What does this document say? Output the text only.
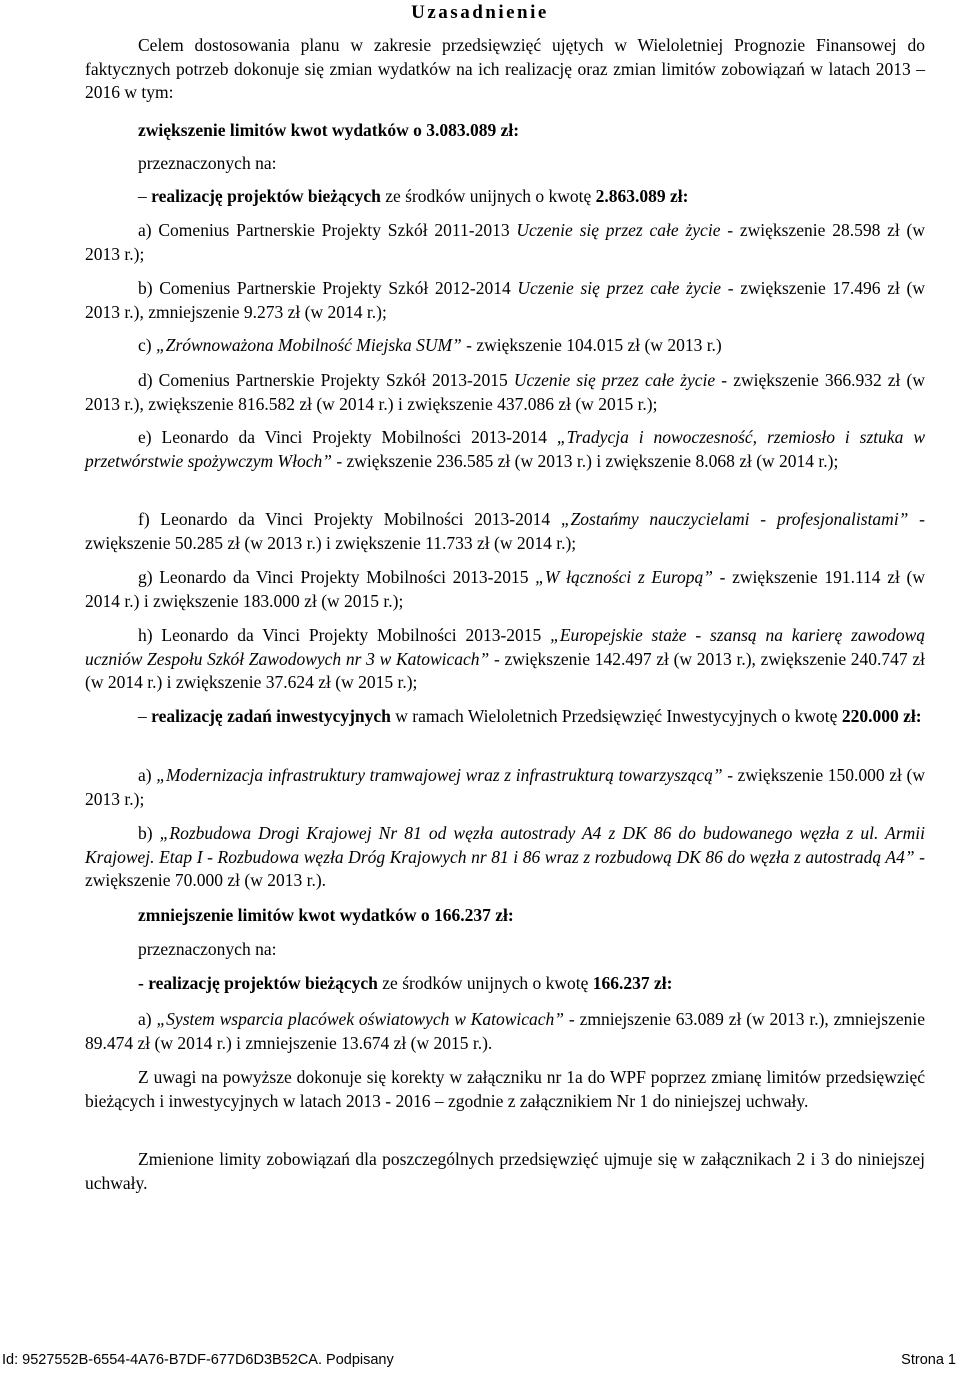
Uzasadnienie

Celem dostosowania planu w zakresie przedsięwzięć ujętych w Wieloletniej Prognozie Finansowej do faktycznych potrzeb dokonuje się zmian wydatków na ich realizację oraz zmian limitów zobowiązań w latach 2013 – 2016 w tym:

zwiększenie limitów kwot wydatków o 3.083.089 zł:

przeznaczonych na:

– realizację projektów bieżących ze środków unijnych o kwotę 2.863.089 zł:

a) Comenius Partnerskie Projekty Szkół 2011-2013 Uczenie się przez całe życie - zwiększenie 28.598 zł (w 2013 r.);

b) Comenius Partnerskie Projekty Szkół 2012-2014 Uczenie się przez całe życie - zwiększenie 17.496 zł (w 2013 r.), zmniejszenie 9.273 zł (w 2014 r.);

c) „Zrównoważona Mobilność Miejska SUM” - zwiększenie 104.015 zł (w 2013 r.)

d) Comenius Partnerskie Projekty Szkół 2013-2015 Uczenie się przez całe życie - zwiększenie 366.932 zł (w 2013 r.), zwiększenie 816.582 zł (w 2014 r.) i zwiększenie 437.086 zł (w 2015 r.);

e) Leonardo da Vinci Projekty Mobilności 2013-2014 „Tradycja i nowoczesność, rzemiosło i sztuka w przetwórstwie spożywczym Włoch” - zwiększenie 236.585 zł (w 2013 r.) i zwiększenie 8.068 zł (w 2014 r.);

f) Leonardo da Vinci Projekty Mobilności 2013-2014 „Zostańmy nauczycielami - profesjonalistami” - zwiększenie 50.285 zł (w 2013 r.) i zwiększenie 11.733 zł (w 2014 r.);

g) Leonardo da Vinci Projekty Mobilności 2013-2015 „W łączności z Europą” - zwiększenie 191.114 zł (w 2014 r.) i zwiększenie 183.000 zł (w 2015 r.);

h) Leonardo da Vinci Projekty Mobilności 2013-2015 „Europejskie staże - szansą na karierę zawodową uczniów Zespołu Szkół Zawodowych nr 3 w Katowicach” - zwiększenie 142.497 zł (w 2013 r.), zwiększenie 240.747 zł (w 2014 r.) i zwiększenie 37.624 zł (w 2015 r.);

– realizację zadań inwestycyjnych w ramach Wieloletnich Przedsięwzięć Inwestycyjnych o kwotę 220.000 zł:

a) „Modernizacja infrastruktury tramwajowej wraz z infrastrukturą towarzyszącą” - zwiększenie 150.000 zł (w 2013 r.);

b) „Rozbudowa Drogi Krajowej Nr 81 od węzła autostrady A4 z DK 86 do budowanego węzła z ul. Armii Krajowej. Etap I - Rozbudowa węzła Dróg Krajowych nr 81 i 86 wraz z rozbudową DK 86 do węzła z autostradą A4” - zwiększenie 70.000 zł (w 2013 r.).

zmniejszenie limitów kwot wydatków o 166.237 zł:

przeznaczonych na:

- realizację projektów bieżących ze środków unijnych o kwotę 166.237 zł:

a) „System wsparcia placówek oświatowych w Katowicach” - zmniejszenie 63.089 zł (w 2013 r.), zmniejszenie 89.474 zł (w 2014 r.) i zmniejszenie 13.674 zł (w 2015 r.).

Z uwagi na powyższe dokonuje się korekty w załączniku nr 1a do WPF poprzez zmianę limitów przedsięwzięć bieżących i inwestycyjnych w latach 2013 - 2016 – zgodnie z załącznikiem Nr 1 do niniejszej uchwały.

Zmienione limity zobowiązań dla poszczególnych przedsięwzięć ujmuje się w załącznikach 2 i 3 do niniejszej uchwały.

Id: 9527552B-6554-4A76-B7DF-677D6D3B52CA. Podpisany	Strona 1
